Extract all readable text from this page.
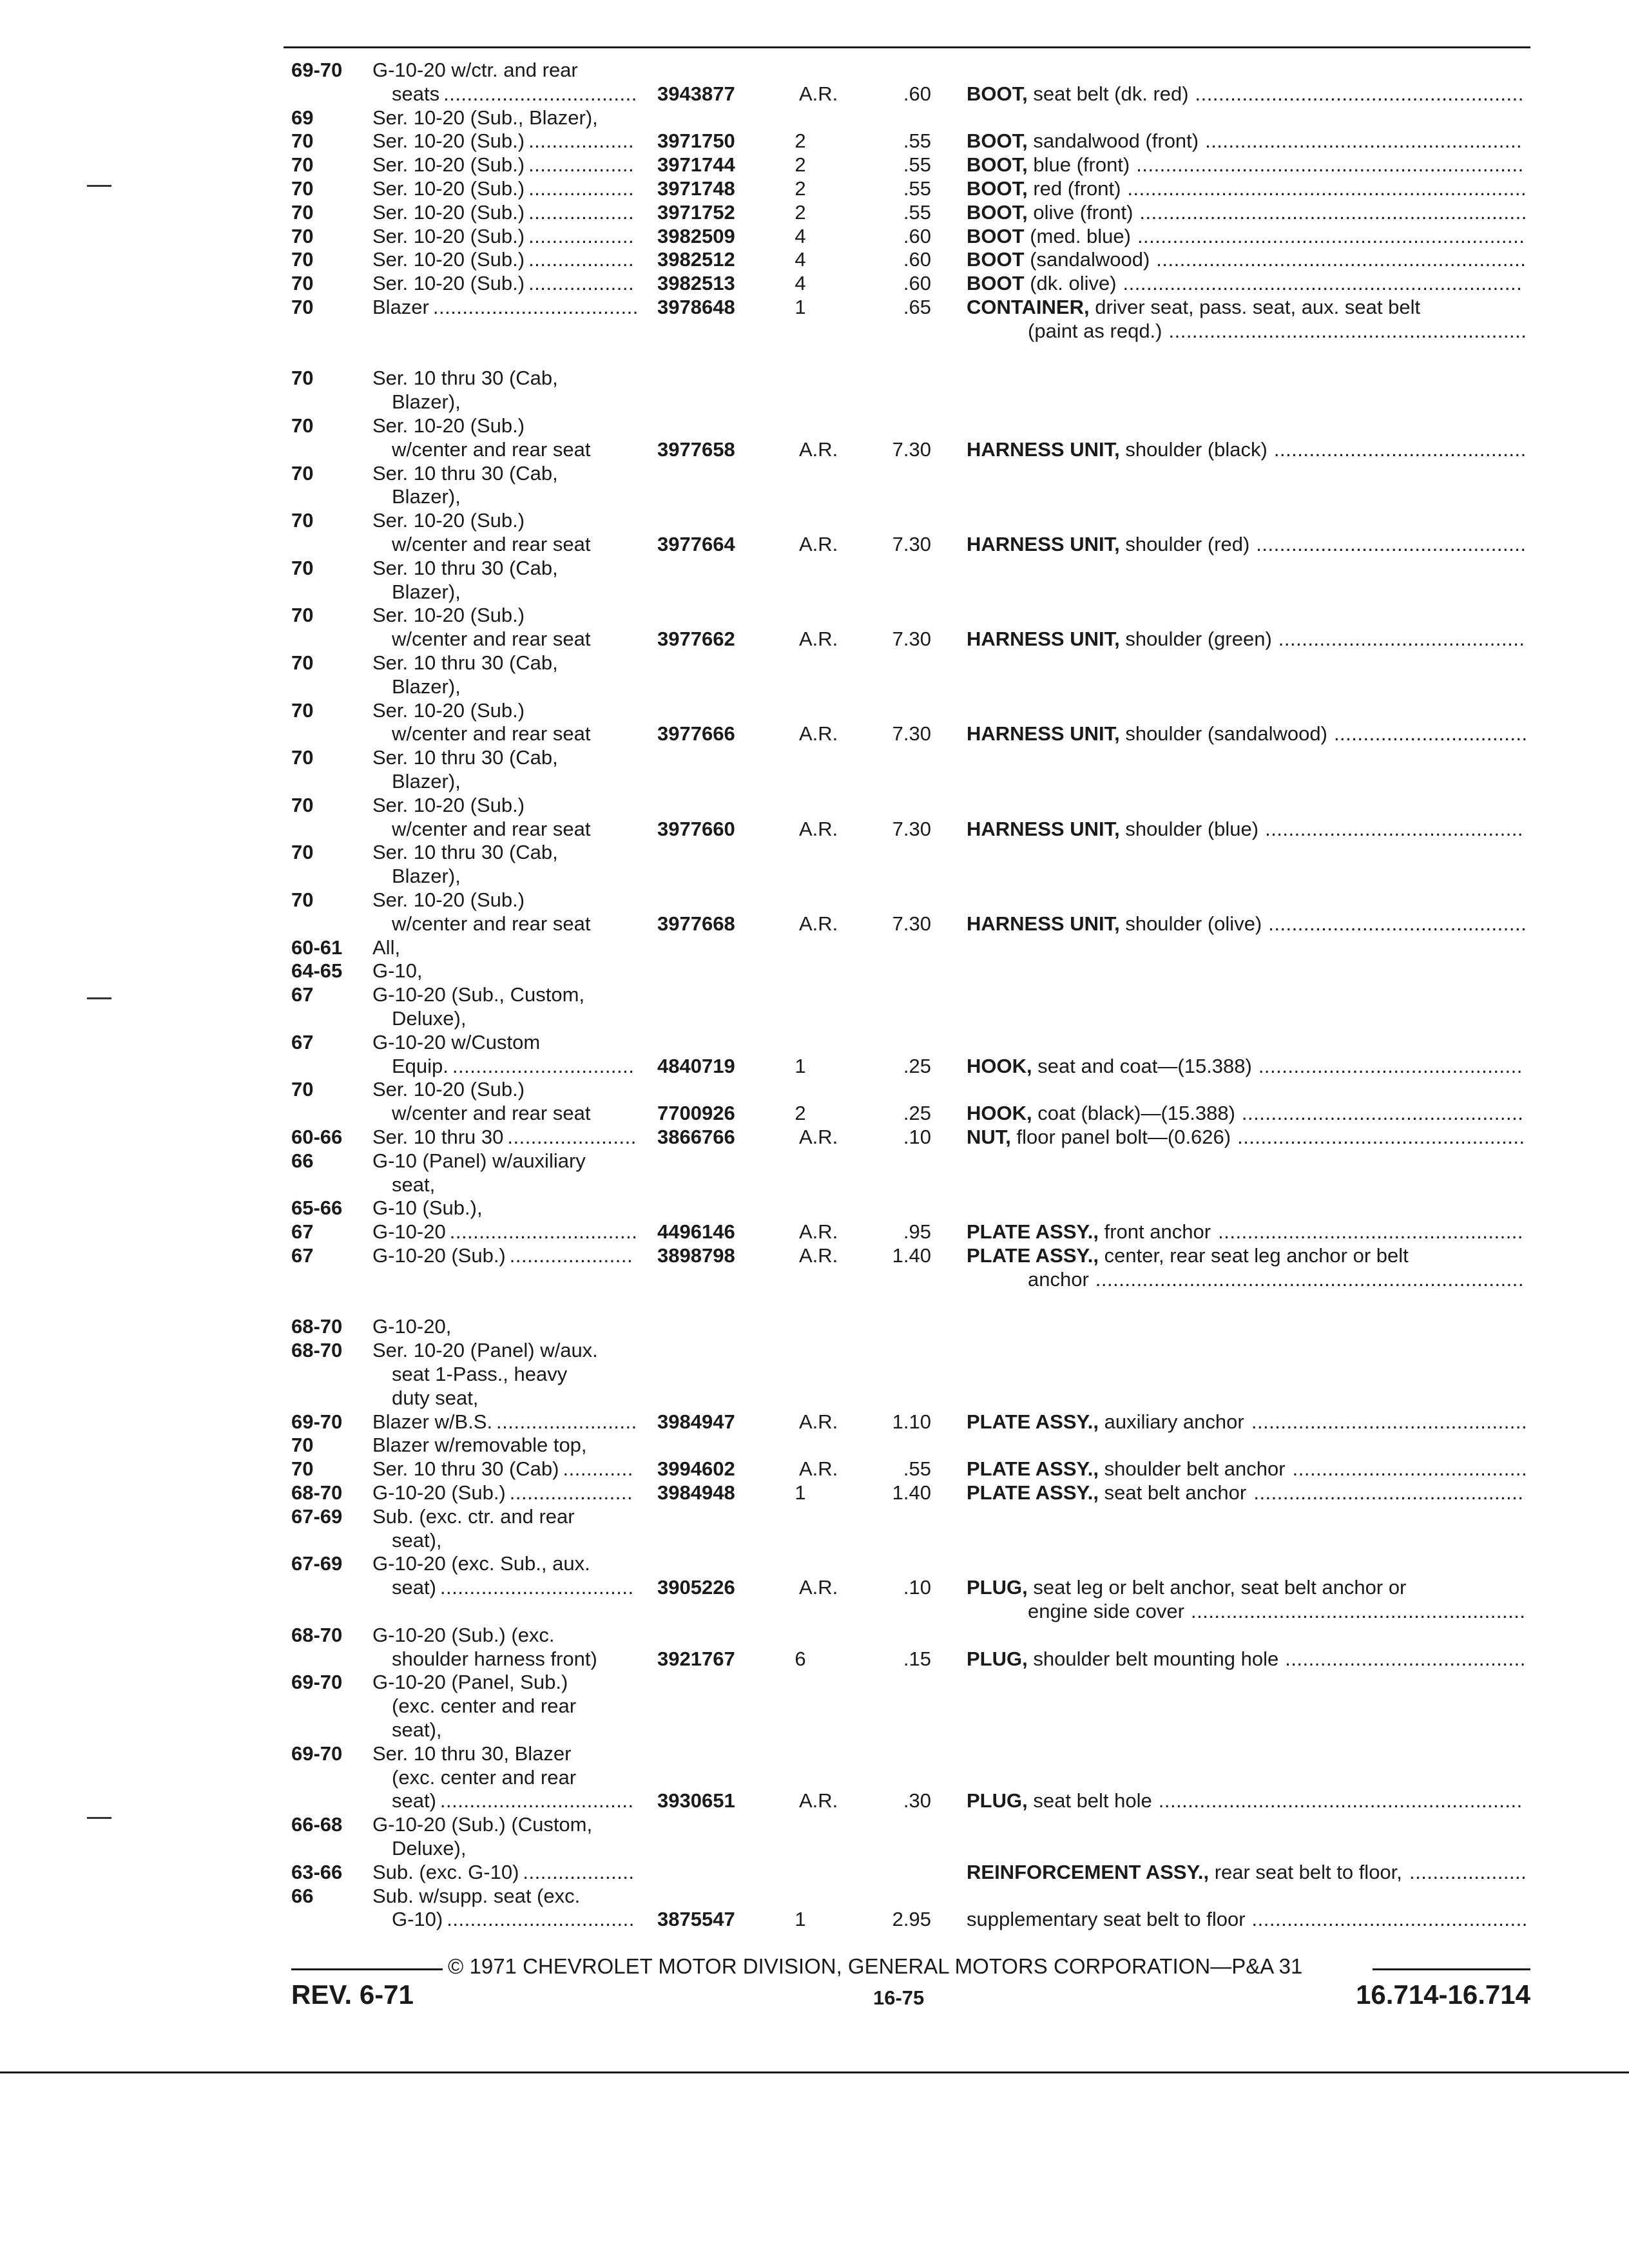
69-70 G-10-20 w/ctr. and rear
seats ................................. 3943877	A.R.	.60 BOOT, seat belt (dk. red) ........................................................
69	Ser. 10-20 (Sub., Blazer),
70	Ser. 10-20 (Sub.) .................. 3971750	2	.55 BOOT, sandalwood (front) ......................................................
70	Ser. 10-20 (Sub.) .................. 3971744	2	.55 BOOT, blue (front) ..................................................................
70	Ser. 10-20 (Sub.) .................. 3971748	2	.55 BOOT, red (front) ....................................................................
70	Ser. 10-20 (Sub.) .................. 3971752	2	.55 BOOT, olive (front) ..................................................................
70	Ser. 10-20 (Sub.) .................. 3982509	4	.60 BOOT (med. blue) ..................................................................
70	Ser. 10-20 (Sub.) .................. 3982512	4	.60 BOOT (sandalwood) ...............................................................
70	Ser. 10-20 (Sub.) .................. 3982513	4	.60 BOOT (dk. olive) ....................................................................
70	Blazer ................................... 3978648	1	.65 CONTAINER, driver seat, pass. seat, aux. seat belt
(paint as reqd.) .............................................................
70	Ser. 10 thru 30 (Cab,
Blazer),
70	Ser. 10-20 (Sub.)
w/center and rear seat	3977658	A.R.	7.30 HARNESS UNIT, shoulder (black) ...........................................
70	Ser. 10 thru 30 (Cab,
Blazer),
70	Ser. 10-20 (Sub.)
w/center and rear seat	3977664	A.R.	7.30 HARNESS UNIT, shoulder (red) ..............................................
70	Ser. 10 thru 30 (Cab,
Blazer),
70	Ser. 10-20 (Sub.)
w/center and rear seat	3977662	A.R.	7.30 HARNESS UNIT, shoulder (green) ..........................................
70	Ser. 10 thru 30 (Cab,
Blazer),
70	Ser. 10-20 (Sub.)
w/center and rear seat	3977666	A.R.	7.30 HARNESS UNIT, shoulder (sandalwood) .................................
70	Ser. 10 thru 30 (Cab,
Blazer),
70	Ser. 10-20 (Sub.)
w/center and rear seat	3977660	A.R.	7.30 HARNESS UNIT, shoulder (blue) ............................................
70	Ser. 10 thru 30 (Cab,
Blazer),
70	Ser. 10-20 (Sub.)
w/center and rear seat	3977668	A.R.	7.30 HARNESS UNIT, shoulder (olive) ............................................
60-61 All,
64-65 G-10,
67	G-10-20 (Sub., Custom,
Deluxe),
67	G-10-20 w/Custom
Equip. ............................... 4840719	1	.25 HOOK, seat and coat—(15.388) .............................................
70	Ser. 10-20 (Sub.)
w/center and rear seat	7700926	2	.25 HOOK, coat (black)—(15.388) ................................................
60-66 Ser. 10 thru 30 ...................... 3866766	A.R.	.10 NUT, floor panel bolt—(0.626) .................................................
66	G-10 (Panel) w/auxiliary
seat,
65-66 G-10 (Sub.),
67	G-10-20 ................................ 4496146	A.R.	.95 PLATE ASSY., front anchor ....................................................
67	G-10-20 (Sub.) ..................... 3898798	A.R.	1.40 PLATE ASSY., center, rear seat leg anchor or belt
anchor .........................................................................
68-70 G-10-20,
68-70 Ser. 10-20 (Panel) w/aux.
seat 1-Pass., heavy
duty seat,
69-70 Blazer w/B.S. ........................ 3984947	A.R.	1.10 PLATE ASSY., auxiliary anchor ...............................................
70	Blazer w/removable top,
70	Ser. 10 thru 30 (Cab) ............ 3994602	A.R.	.55 PLATE ASSY., shoulder belt anchor ........................................
68-70 G-10-20 (Sub.) ..................... 3984948	1	1.40 PLATE ASSY., seat belt anchor ..............................................
67-69 Sub. (exc. ctr. and rear
seat),
67-69 G-10-20 (exc. Sub., aux.
seat) ................................. 3905226	A.R.	.10 PLUG, seat leg or belt anchor, seat belt anchor or
engine side cover .........................................................
68-70 G-10-20 (Sub.) (exc.
shoulder harness front)	3921767	6	.15 PLUG, shoulder belt mounting hole .........................................
69-70 G-10-20 (Panel, Sub.)
(exc. center and rear
seat),
69-70 Ser. 10 thru 30, Blazer
(exc. center and rear
seat) ................................. 3930651	A.R.	.30 PLUG, seat belt hole ..............................................................
66-68 G-10-20 (Sub.) (Custom,
Deluxe),
63-66 Sub. (exc. G-10) ...................	REINFORCEMENT ASSY., rear seat belt to floor, ....................
66	Sub. w/supp. seat (exc.
G-10) ................................ 3875547	1	2.95 supplementary seat belt to floor ...............................................
© 1971 CHEVROLET MOTOR DIVISION, GENERAL MOTORS CORPORATION—P&A 31
REV. 6-71	16-75	16.714-16.714
